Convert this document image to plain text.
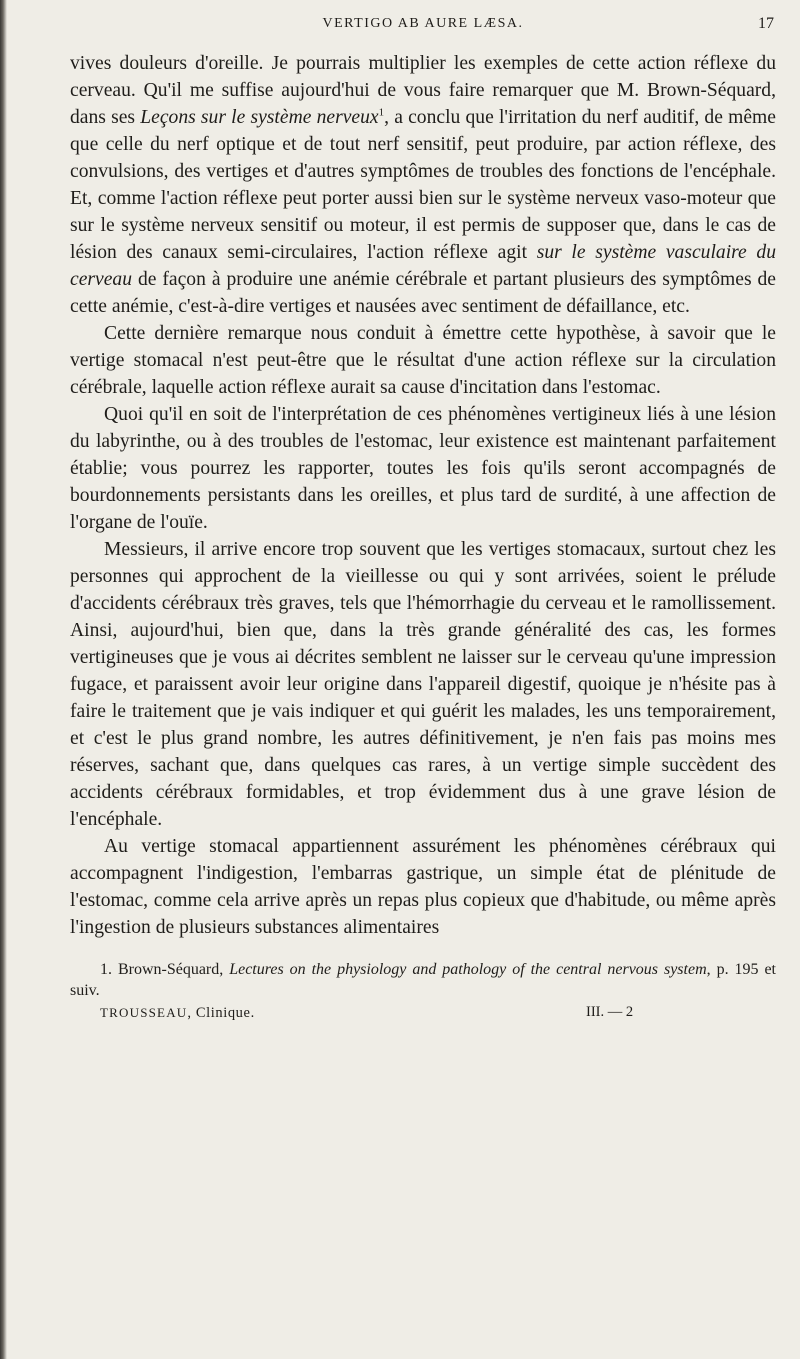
VERTIGO AB AURE LÆSA.	17

vives douleurs d'oreille. Je pourrais multiplier les exemples de cette action réflexe du cerveau. Qu'il me suffise aujourd'hui de vous faire remarquer que M. Brown-Séquard, dans ses Leçons sur le système nerveux$^1$, a conclu que l'irritation du nerf auditif, de même que celle du nerf optique et de tout nerf sensitif, peut produire, par action réflexe, des convulsions, des vertiges et d'autres symptômes de troubles des fonctions de l'encéphale. Et, comme l'action réflexe peut porter aussi bien sur le système nerveux vaso-moteur que sur le système nerveux sensitif ou moteur, il est permis de supposer que, dans le cas de lésion des canaux semi-circulaires, l'action réflexe agit sur le système vasculaire du cerveau de façon à produire une anémie cérébrale et partant plusieurs des symptômes de cette anémie, c'est-à-dire vertiges et nausées avec sentiment de défaillance, etc.

Cette dernière remarque nous conduit à émettre cette hypothèse, à savoir que le vertige stomacal n'est peut-être que le résultat d'une action réflexe sur la circulation cérébrale, laquelle action réflexe aurait sa cause d'incitation dans l'estomac.

Quoi qu'il en soit de l'interprétation de ces phénomènes vertigineux liés à une lésion du labyrinthe, ou à des troubles de l'estomac, leur existence est maintenant parfaitement établie; vous pourrez les rapporter, toutes les fois qu'ils seront accompagnés de bourdonnements persistants dans les oreilles, et plus tard de surdité, à une affection de l'organe de l'ouïe.

Messieurs, il arrive encore trop souvent que les vertiges stomacaux, surtout chez les personnes qui approchent de la vieillesse ou qui y sont arrivées, soient le prélude d'accidents cérébraux très graves, tels que l'hémorrhagie du cerveau et le ramollissement. Ainsi, aujourd'hui, bien que, dans la très grande généralité des cas, les formes vertigineuses que je vous ai décrites semblent ne laisser sur le cerveau qu'une impression fugace, et paraissent avoir leur origine dans l'appareil digestif, quoique je n'hésite pas à faire le traitement que je vais indiquer et qui guérit les malades, les uns temporairement, et c'est le plus grand nombre, les autres définitivement, je n'en fais pas moins mes réserves, sachant que, dans quelques cas rares, à un vertige simple succèdent des accidents cérébraux formidables, et trop évidemment dus à une grave lésion de l'encéphale.

Au vertige stomacal appartiennent assurément les phénomènes cérébraux qui accompagnent l'indigestion, l'embarras gastrique, un simple état de plénitude de l'estomac, comme cela arrive après un repas plus copieux que d'habitude, ou même après l'ingestion de plusieurs substances alimentaires

1. Brown-Séquard, Lectures on the physiology and pathology of the central nervous system, p. 195 et suiv.

TROUSSEAU, Clinique.	III. — 2
